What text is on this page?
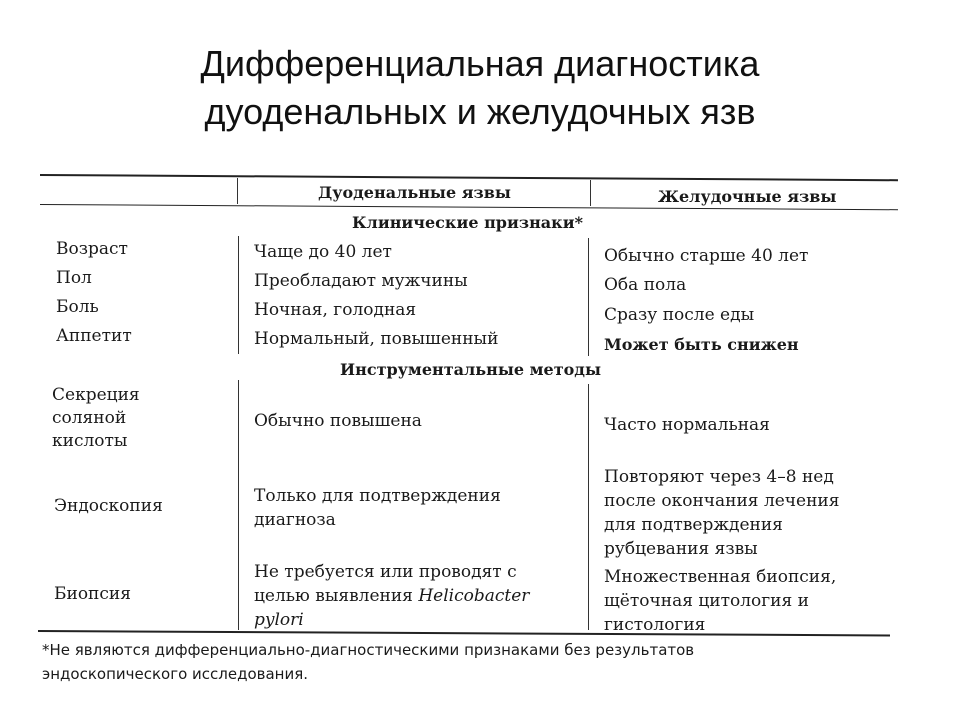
Дифференциальная диагностика
дуоденальных и желудочных язв
Дуоденальные язвы	Желудочные язвы
Клинические признаки*
Инструментальные методы
Возраст
Пол
Боль
Аппетит
Секреция
соляной
кислоты
Эндоскопия
Биопсия
Чаще до 40 лет
Преобладают мужчины
Ночная, голодная
Нормальный, повышенный
Обычно повышена
Только для подтверждения
диагноза
Не требуется или проводят с
целью выявления Helicobacter
pylori
Обычно старше 40 лет
Оба пола
Сразу после еды
Может быть снижен
Часто нормальная
Повторяют через 4–8 нед
после окончания лечения
для подтверждения
рубцевания язвы
Множественная биопсия,
щёточная цитология и
гистология
*Не являются дифференциально-диагностическими признаками без результатов
эндоскопического исследования.
